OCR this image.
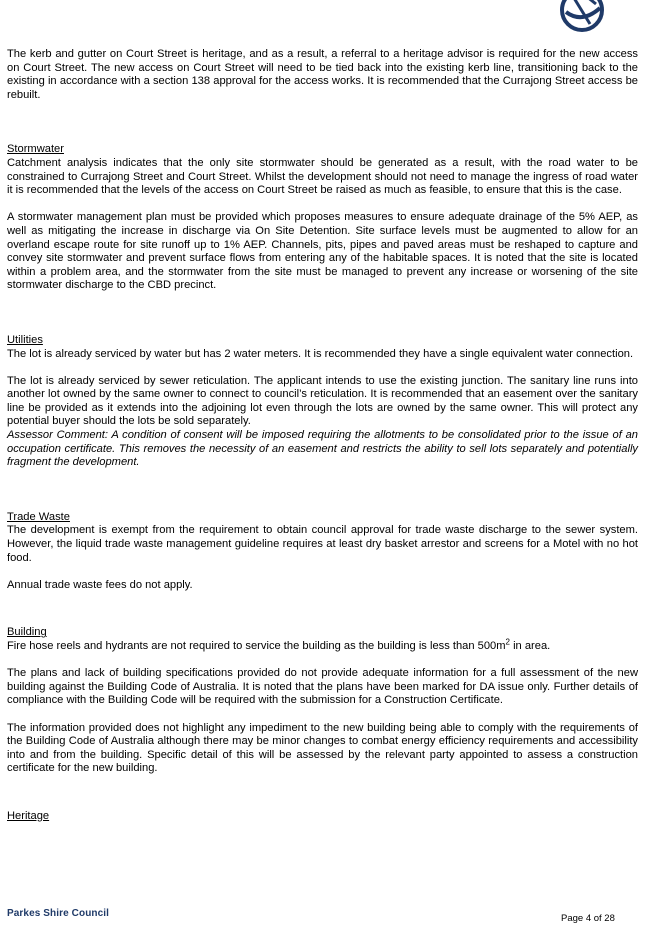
The kerb and gutter on Court Street is heritage, and as a result, a referral to a heritage advisor is required for the new access on Court Street. The new access on Court Street will need to be tied back into the existing kerb line, transitioning back to the existing in accordance with a section 138 approval for the access works. It is recommended that the Currajong Street access be rebuilt.

Stormwater

Catchment analysis indicates that the only site stormwater should be generated as a result, with the road water to be constrained to Currajong Street and Court Street. Whilst the development should not need to manage the ingress of road water it is recommended that the levels of the access on Court Street be raised as much as feasible, to ensure that this is the case.

A stormwater management plan must be provided which proposes measures to ensure adequate drainage of the 5% AEP, as well as mitigating the increase in discharge via On Site Detention. Site surface levels must be augmented to allow for an overland escape route for site runoff up to 1% AEP. Channels, pits, pipes and paved areas must be reshaped to capture and convey site stormwater and prevent surface flows from entering any of the habitable spaces. It is noted that the site is located within a problem area, and the stormwater from the site must be managed to prevent any increase or worsening of the site stormwater discharge to the CBD precinct.

Utilities

The lot is already serviced by water but has 2 water meters. It is recommended they have a single equivalent water connection.

The lot is already serviced by sewer reticulation. The applicant intends to use the existing junction. The sanitary line runs into another lot owned by the same owner to connect to council’s reticulation. It is recommended that an easement over the sanitary line be provided as it extends into the adjoining lot even through the lots are owned by the same owner. This will protect any potential buyer should the lots be sold separately.

Assessor Comment: A condition of consent will be imposed requiring the allotments to be consolidated prior to the issue of an occupation certificate. This removes the necessity of an easement and restricts the ability to sell lots separately and potentially fragment the development.

Trade Waste

The development is exempt from the requirement to obtain council approval for trade waste discharge to the sewer system. However, the liquid trade waste management guideline requires at least dry basket arrestor and screens for a Motel with no hot food.

Annual trade waste fees do not apply.

Building

Fire hose reels and hydrants are not required to service the building as the building is less than $500m^2$ in area.

The plans and lack of building specifications provided do not provide adequate information for a full assessment of the new building against the Building Code of Australia. It is noted that the plans have been marked for DA issue only. Further details of compliance with the Building Code will be required with the submission for a Construction Certificate.

The information provided does not highlight any impediment to the new building being able to comply with the requirements of the Building Code of Australia although there may be minor changes to combat energy efficiency requirements and accessibility into and from the building. Specific detail of this will be assessed by the relevant party appointed to assess a construction certificate for the new building.

Heritage
Parkes Shire Council	Page 4 of 28
